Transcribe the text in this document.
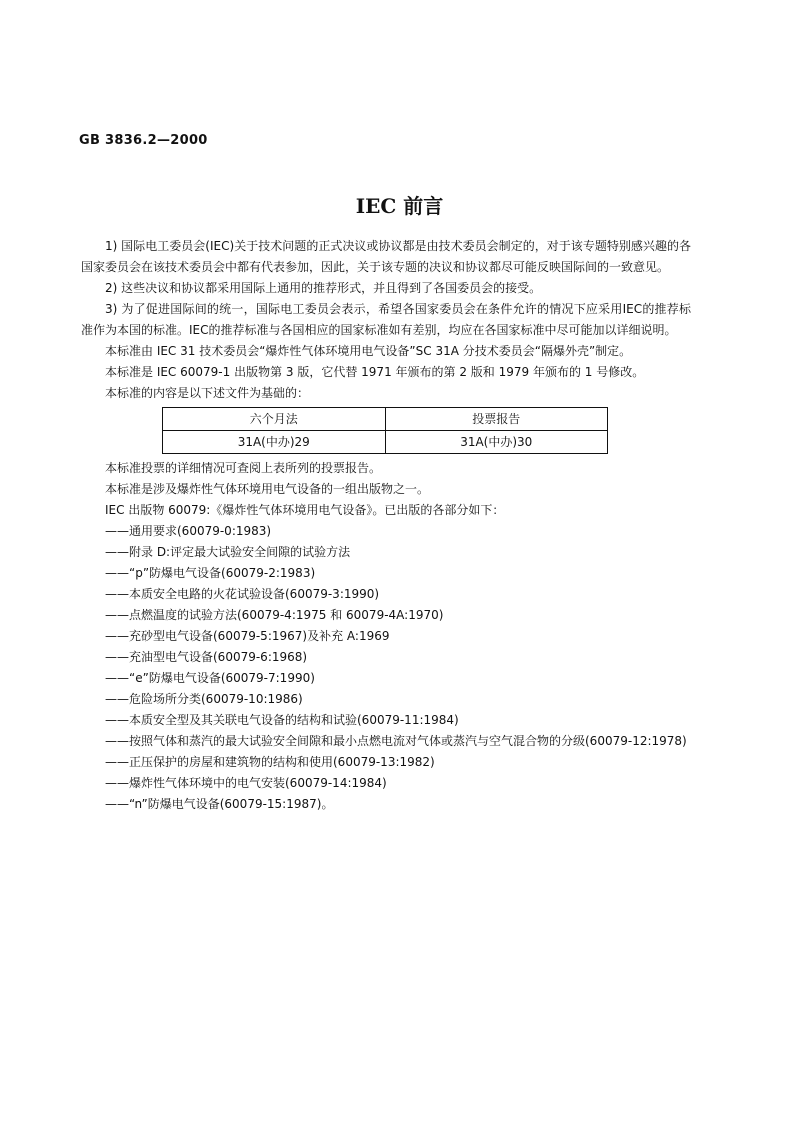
GB 3836.2—2000
IEC 前言

1) 国际电工委员会(IEC)关于技术问题的正式决议或协议都是由技术委员会制定的，对于该专题特别感兴趣的各国家委员会在该技术委员会中都有代表参加，因此，关于该专题的决议和协议都尽可能反映国际间的一致意见。

2) 这些决议和协议都采用国际上通用的推荐形式，并且得到了各国委员会的接受。

3) 为了促进国际间的统一，国际电工委员会表示，希望各国家委员会在条件允许的情况下应采用IEC的推荐标准作为本国的标准。IEC的推荐标准与各国相应的国家标准如有差别，均应在各国家标准中尽可能加以详细说明。

本标准由 IEC 31 技术委员会“爆炸性气体环境用电气设备”SC 31A 分技术委员会“隔爆外壳”制定。

本标准是 IEC 60079-1 出版物第 3 版，它代替 1971 年颁布的第 2 版和 1979 年颁布的 1 号修改。

本标准的内容是以下述文件为基础的：

六个月法	投票报告
31A(中办)29	31A(中办)30

本标准投票的详细情况可查阅上表所列的投票报告。

本标准是涉及爆炸性气体环境用电气设备的一组出版物之一。

IEC 出版物 60079:《爆炸性气体环境用电气设备》。已出版的各部分如下：

——通用要求(60079-0:1983)
——附录 D:评定最大试验安全间隙的试验方法
——“p”防爆电气设备(60079-2:1983)
——本质安全电路的火花试验设备(60079-3:1990)
——点燃温度的试验方法(60079-4:1975 和 60079-4A:1970)
——充砂型电气设备(60079-5:1967)及补充 A:1969
——充油型电气设备(60079-6:1968)
——“e”防爆电气设备(60079-7:1990)
——危险场所分类(60079-10:1986)
——本质安全型及其关联电气设备的结构和试验(60079-11:1984)
——按照气体和蒸汽的最大试验安全间隙和最小点燃电流对气体或蒸汽与空气混合物的分级(60079-12:1978)
——正压保护的房屋和建筑物的结构和使用(60079-13:1982)
——爆炸性气体环境中的电气安装(60079-14:1984)
——“n”防爆电气设备(60079-15:1987)。
